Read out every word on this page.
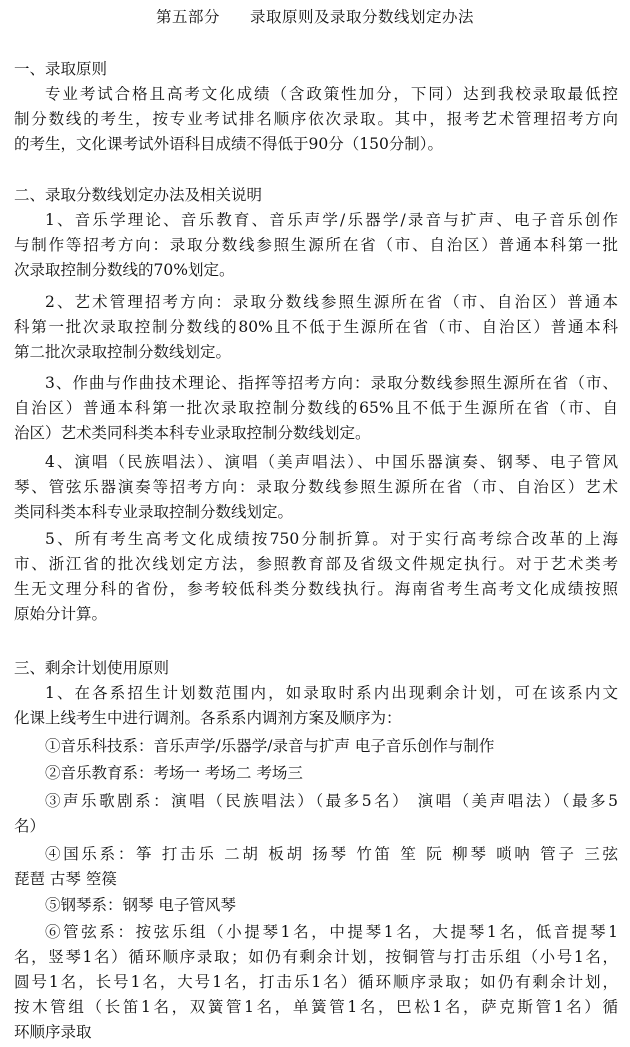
第五部分 录取原则及录取分数线划定办法
一、录取原则
专业考试合格且高考文化成绩（含政策性加分，下同）达到我校录取最低控
制分数线的考生，按专业考试排名顺序依次录取。其中，报考艺术管理招考方向
的考生，文化课考试外语科目成绩不得低于90分（150分制）。
二、录取分数线划定办法及相关说明
1、音乐学理论、音乐教育、音乐声学/乐器学/录音与扩声、电子音乐创作
与制作等招考方向：录取分数线参照生源所在省（市、自治区）普通本科第一批
次录取控制分数线的70%划定。
2、艺术管理招考方向：录取分数线参照生源所在省（市、自治区）普通本
科第一批次录取控制分数线的80%且不低于生源所在省（市、自治区）普通本科
第二批次录取控制分数线划定。
3、作曲与作曲技术理论、指挥等招考方向：录取分数线参照生源所在省（市、
自治区）普通本科第一批次录取控制分数线的65%且不低于生源所在省（市、自
治区）艺术类同科类本科专业录取控制分数线划定。
4、演唱（民族唱法）、演唱（美声唱法）、中国乐器演奏、钢琴、电子管风
琴、管弦乐器演奏等招考方向：录取分数线参照生源所在省（市、自治区）艺术
类同科类本科专业录取控制分数线划定。
5、所有考生高考文化成绩按750分制折算。对于实行高考综合改革的上海
市、浙江省的批次线划定方法，参照教育部及省级文件规定执行。对于艺术类考
生无文理分科的省份，参考较低科类分数线执行。海南省考生高考文化成绩按照
原始分计算。
三、剩余计划使用原则
1、在各系招生计划数范围内，如录取时系内出现剩余计划，可在该系内文
化课上线考生中进行调剂。各系系内调剂方案及顺序为：
①音乐科技系：音乐声学/乐器学/录音与扩声 电子音乐创作与制作
②音乐教育系：考场一 考场二 考场三
③声乐歌剧系：演唱（民族唱法）（最多5名） 演唱（美声唱法）（最多5
名）
④国乐系：筝 打击乐 二胡 板胡 扬琴 竹笛 笙 阮 柳琴 唢呐 管子 三弦
琵琶 古琴 箜篌
⑤钢琴系：钢琴 电子管风琴
⑥管弦系：按弦乐组（小提琴1名，中提琴1名，大提琴1名，低音提琴1
名，竖琴1名）循环顺序录取；如仍有剩余计划，按铜管与打击乐组（小号1名，
圆号1名，长号1名，大号1名，打击乐1名）循环顺序录取；如仍有剩余计划，
按木管组（长笛1名，双簧管1名，单簧管1名，巴松1名，萨克斯管1名）循
环顺序录取
